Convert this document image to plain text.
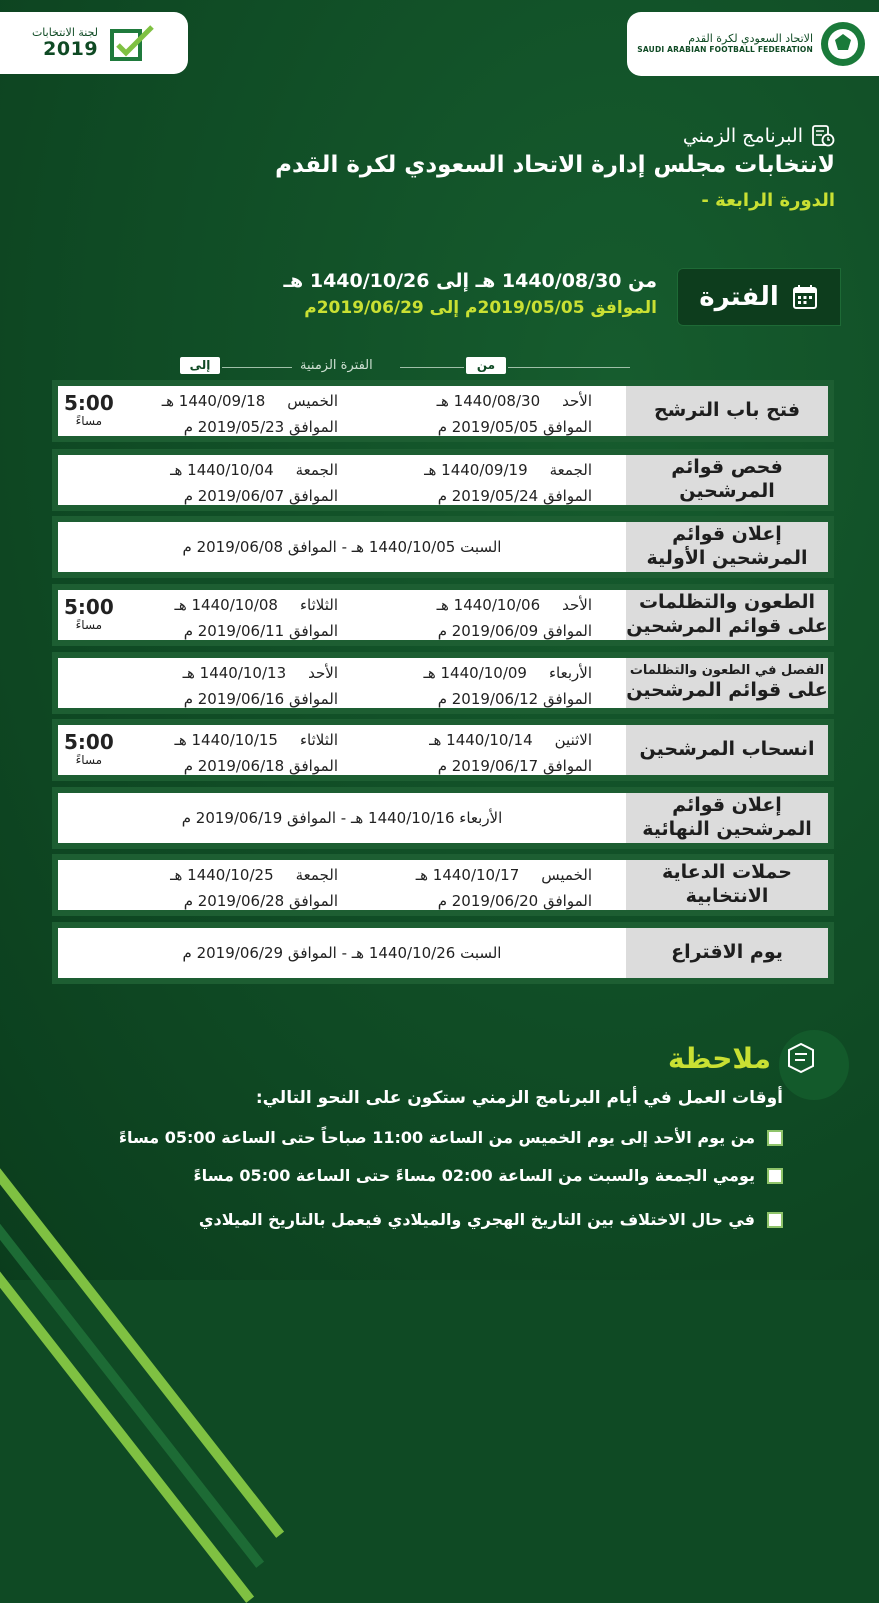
الاتحاد السعودي لكرة القدم
SAUDI ARABIAN FOOTBALL FEDERATION
لجنة الانتخابات
2019
البرنامج الزمني
لانتخابات مجلس إدارة الاتحاد السعودي لكرة القدم
- الدورة الرابعة
الفترة
من 1440/08/30 هـ إلى 1440/10/26 هـ
الموافق 2019/05/05م إلى 2019/06/29م
من
إلى	الفترة الزمنية
فتح باب الترشح
الأحد1440/08/30 هـ
الموافق 2019/05/05 م
الخميس1440/09/18 هـ
الموافق 2019/05/23 م
5:00
مساءً
فحص قوائم المرشحين
الجمعة1440/09/19 هـ
الموافق 2019/05/24 م
الجمعة1440/10/04 هـ
الموافق 2019/06/07 م
إعلان قوائم المرشحين الأولية
السبت 1440/10/05 هـ - الموافق 2019/06/08 م
الطعون والتظلمات على قوائم المرشحين
الأحد1440/10/06 هـ
الموافق 2019/06/09 م
الثلاثاء1440/10/08 هـ
الموافق 2019/06/11 م
5:00
مساءً
الفصل في الطعون والتظلمات
على قوائم المرشحين
الأربعاء1440/10/09 هـ
الموافق 2019/06/12 م
الأحد1440/10/13 هـ
الموافق 2019/06/16 م
انسحاب المرشحين
الاثنين1440/10/14 هـ
الموافق 2019/06/17 م
الثلاثاء1440/10/15 هـ
الموافق 2019/06/18 م
5:00
مساءً
إعلان قوائم المرشحين النهائية
الأربعاء 1440/10/16 هـ - الموافق 2019/06/19 م
حملات الدعاية الانتخابية
الخميس1440/10/17 هـ
الموافق 2019/06/20 م
الجمعة1440/10/25 هـ
الموافق 2019/06/28 م
يوم الاقتراع
السبت 1440/10/26 هـ - الموافق 2019/06/29 م
ملاحظة
أوقات العمل في أيام البرنامج الزمني ستكون على النحو التالي:
من يوم الأحد إلى يوم الخميس من الساعة 11:00 صباحاً حتى الساعة 05:00 مساءً
يومي الجمعة والسبت من الساعة 02:00 مساءً حتى الساعة 05:00 مساءً
في حال الاختلاف بين التاريخ الهجري والميلادي فيعمل بالتاريخ الميلادي
